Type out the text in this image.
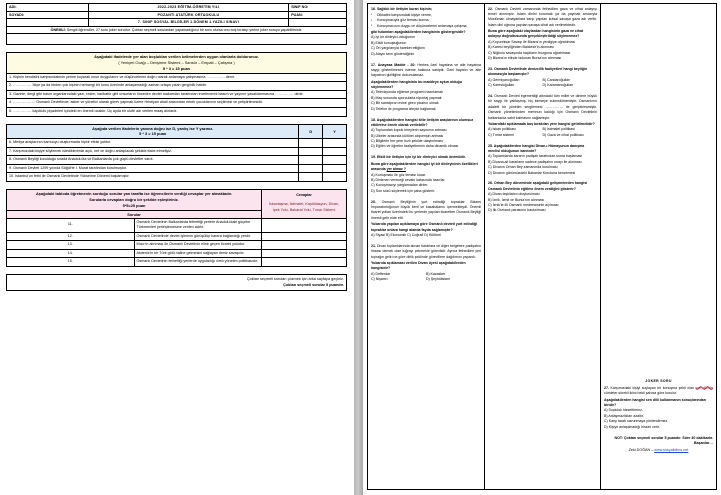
ADI:	2022-2023 EĞİTİM-ÖĞRETİM YILI	SINIF NO:
SOYADI:	POZANTI ATATÜRK ORTAOKULU	PUAN:
	7. SINIF SOSYAL BİLGİLER 1.DÖNEM 1.YAZILI SINAVI	
ÖNEMLİ: Sevgili öğrenciler, 27 soru joker sorudur. Çoktan seçmeli sorulardan yapamadığınız bir soru olursa onu boş bırakıp yerine joker soruyu yapabilirsiniz.		

Aşağıdaki ifadelerde yer alan boşlukları verilen kelimelerden uygun olanlarla doldurunuz.
( Yeniçeri Ocağı – Devşirme Sistemi – Sansür – Empati – Çatışma )
5 * 3 = 15 puan

1. Kişinin kendisini karşısındakinin yerine koyarak onun duygularını ve düşüncelerini doğru olarak anlamaya çalışmasına …………… denir.
2. …………… İkiye ya da birden çok kişinin herhangi bir konu üzerinde anlaşamadığı zaman ortaya çıkan gerginlik halidir.
3. Gazete, dergi gibi basın organlarındaki yazı, resim, karikatür gibi unsurların önceden devlet makamları tarafından incelenerek basım ve yayının yasaklanmasına …………… denir.
4. ……………… Osmanlı Devletinde, asker ve yönetici olarak görev yapmak üzere Hristiyan ahali arasından erkek çocuklarının seçilmesi ve yetiştirilmesidir.
5. …………… kapıkulu piyadeleri içindeki en önemli ocaktır. Üç ayda bir ulufe adı verilen maaş alırlardı.
Aşağıda verilen ifadelerin yanına doğru ise D, yanlış ise Y yazınız.
5 * 3 = 15 puan	D	Y
6. Medya araçlarının kamuoyu oluşturmada hiçbir etkisi yoktur.		
7. Karşımızdaki kişiye söylemek istediklerimizi açık, net ve doğru anlaşılacak şekilde ifade etmeliyiz.		
8. Osmanlı Beyliği kurulduğu sırada Anadolu'da ve Balkanlarda çok güçlü devletler vardı.		
9. Osmanlı Devleti 1299 yılında Söğüt'te I. Murat tarafından kurulmuştur.		
10. İstanbul'un fethi ile Osmanlı Devletinde Yükselme Dönemi başlamıştır.		
Aşağıdaki tabloda öğretmenin sorduğu sorular yan tarafta ise öğrencilerin verdiği cevaplar yer almaktadır.
Sorularla cevapları doğru bir şekilde eşleştiriniz.
5*5=25 puan

Cevaplar
İskanlaşma, İstimalet, Kapitülasyon, Divan, İpek Yolu, Baharat Yolu, Tımar Sistemi

Sorular		
11.	Osmanlı Devletinin Balkanlarda fethettiği yerlere Anadolu'daki göçebe Türkmenleri yerleştirmesine verilen addır.	
12.	Osmanlı Devletinde devlet işlerinin görüşülüp karara bağlandığı yerdir.	
13.	Mısır'ın alınması ile Osmanlı Devletinin eline geçen ticaret yoludur.	
14.	Akdeniz'in bir Türk gölü haline gelmesini sağlayan deniz savaşıdır.	
15.	Osmanlı Devletinin fethettiği yerlerde uyguladığı ılımlı yönetim politikasıdır.	
Çoktan seçmeli soruları çözmek için arka sayfaya geçiniz.
Çoktan seçmeli sorular 5 puandır.
16. Sağlıklı bir iletişim kuran kişinin;
▪ Dikkatini karşısındaki kişiye verme,
▪ Konuşmacıyla göz teması kurma,
▪ Konuşmacının duygu ve düşüncelerini anlamaya çalışma
gibi tutumları aşağıdakilerden hangisinin göstergesidir?
A) İyi bir dinleyici olduğunun
B) Etkili konuştuğunun
C) Ön yargılarıyla hareket ettiğinin
D) Alaycı tavrı gösterdiğinin
17. Anayasa Madde - 20: Herkes özel hayatına ve aile hayatına saygı gösterilmesini isteme hakkına sahiptir. Özel hayatın ve aile hayatının gizliliğine dokunulamaz.
Aşağıdakilerden hangisinin bu maddeye aykırı olduğu söylenemez?
A) Televizyonda eğlence programı hazırlamak
B) Maç sonunda sporcularla röportaj yapmak
C) Bir sanatçının evine giren çıkanın olmak
D) Telefon ile programa izleyici bağlamak
18. Aşağıdakilerden hangisi kitle iletişim araçlarının olumsuz etkilerine örnek olarak verilebilir?
A) Toplumdan kopuk bireylerin sayısının artması
B) Ülkeler arasında kültürel alışverişin artması
C) Bilgilerin her yere hızlı şekilde ulaştırılması
D) Eğitim ve öğretim faaliyetlerinin daha dinamik olması
19. Etkili bir iletişim için iyi bir dinleyici olmak önemlidir.
Buna göre aşağıdakilerden hangisi iyi bir dinleyicinin özellikleri arasında yer almaz ?
A) Konuşmacı ile göz teması kurar.
B) Dinlenen vereceği cevabı kafasında hazırlar.
C) Konuşmacıyı yarglamadan dinler.
D) Son sözü söylemek için çaba gösterir.
20. Osmanlı Beyliğinin yurt edindiği topraklar Bizans İmparatorluğunun büyük kent ve kasabalarını içermekteydi. Önemli ticaret yolları üzerindeki bu yerlerde yapılan ticaretten Osmanlı Beyliği önemli gelir elde etti.
Yukarıda yapılan açıklamaya göre Osmanlı devleti yurt edindiği topraklar onlara hangi alanda fayda sağlamıştır?
A) Siyasi B) Ekonomik C) Coğrafi D) Kültürel
21. Divan toplantılarında alınan kararlara ve diğer belgelere padişahın imzası demek olan tuğrayı çekmekle görevlidir. Ayrıca fethedilen yeri toprağın geliri ne göre dirlik şeklinde görevlilere dağıtımını yapardı.
Yukarıda açıklaması verilen Divan üyesi aşağıdakilerden hangisidir?
A) Defterdar	B) Kazasker
C) Nişancı	D) Şeyhülislam
22. Osmanlı Devleti zamanında fethedilen gaza ve cihat anlayışı temel alınmıştır. İslam dinini korumak ya da yaymak amacıyla Müslüman olmayanlara karşı yapılan kutsal savaşa gaza adı verilir. İslam dini uğruna yapılan savaşa cihat adı verilmektedir.
Buna göre aşağıdaki olaylardan hangisinin gaza ve cihat anlayışı doğrultusunda gerçekleştirildiği söylenemez?
A) Koyunhisar Savaşı ile Bizans'ın yenilgiye uğratılması
B) Karesi beyliğinden Balıkesir'in alınması
C) Niğbolu savaşında haçlıların bozguna uğratılması
D) Bizans'ın elinde bulunan Bursa'nın alınması
23. Osmanlı Devletinde denizcilik faaliyetleri hangi beyliğin alınmasıyla başlamıştır?
A) Germiyanoğulları	B) Candaroğulları
C) Karesioğulları	D) Karamanoğulları
24. Osmanlı Devleti egemenliği altındaki tüm millet ve dinlere büyük bir saygı ile yaklaşmış, hiç kimseye zulmedilmemiştir. Osmanlının adaletli bir yönetim sergilemesi …………… ile gerçekleşmiştir. Osmanlı yönetiminden memnun kaldığı için Osmanlı Devletinin balkanlarda sabit kalmasını sağlamıştır.
Yukarıdaki açıklamada boş bırakılan yere hangisi getirilmelidir?
A) İskan politikası	B) İstimalet politikası
C) Tımar sistemi	D) Gaza ve cihat politikası
25. Aşağıdakilerden hangisi Divan-ı Hümayunun danışma meclisi olduğunun kanıtıdır?
A) Toplantılarda kararın padişah tarafından sonra başlaması
B) Divana ait kararların sadece padişahın onayı ile alınması
C) Divanın Orhan Bey zamanında kurulması
D) Divanın günümüzdeki Bakanlar Kuruluna benzemesi
26. Orhan Bey döneminde aşağıdaki gelişmelerden hangisi Osmanlı Devletinin eğitime önem verdiğini gösterir?
A) Divan teşkilatını oluşturulması
B) İznik, İzmit ve Bursa'nın alınması
C) İznik'te ilk Osmanlı medresesinin açılması
D) İlk Osmanlı parasının bastırılması
JOKER SORU
27. Karşımızdaki kişiyi suçlayan bir konuşma şekli olan sen dilinde cümleler sürekli ikinci tekil şahısa göre kurulur.
Aşağıdakilerden hangisi sen dilli kullanmanın sonuçlarından biridir?
A) Suçluluk hissettirmez.
B) Anlaşmazlıkları azaltır.
C) Karşı tarafı savunmaya yönlendirmez.
D) Kişiye anlaşılmadığı hissini verir.
NOT: Çoktan seçmeli sorular 5 puandır. Süre 40 dakikadır. Başarılar…
Zeki DOĞAN – www.sosyalbilms.net
